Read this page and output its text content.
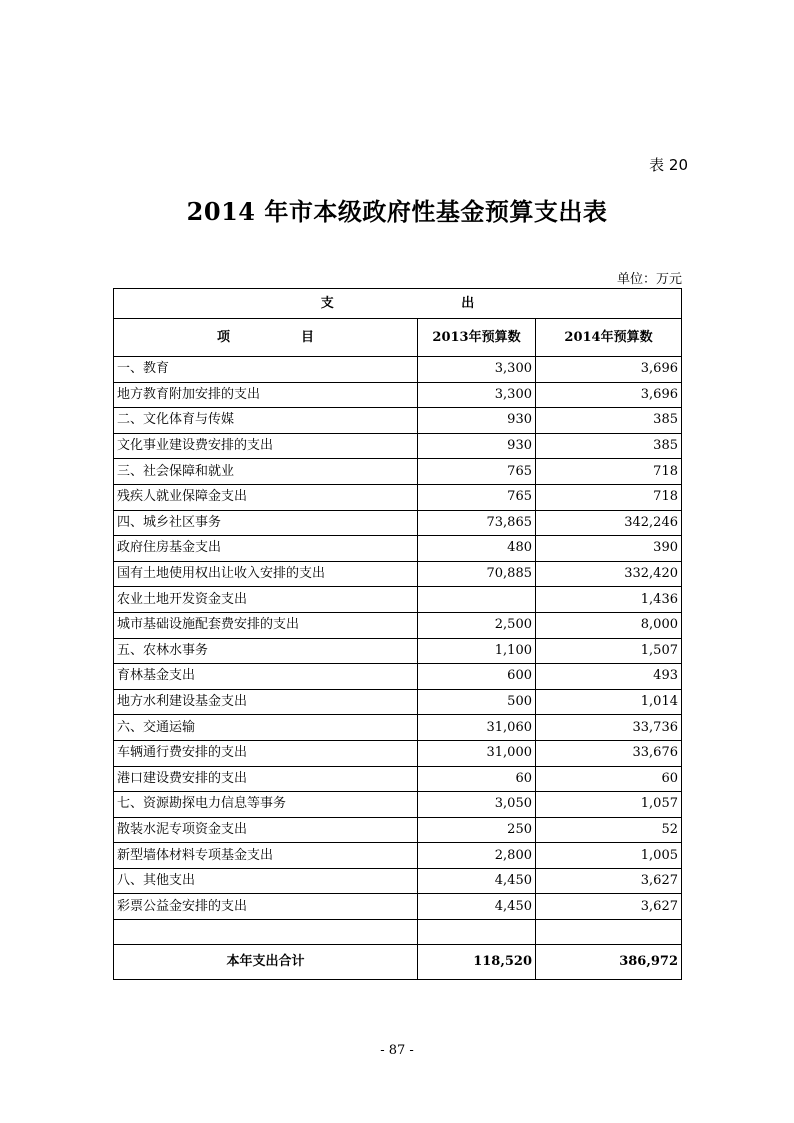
表 20
2014 年市本级政府性基金预算支出表
单位：万元
支 出		

项 目	2013年预算数	2014年预算数
一、教育	3,300	3,696
地方教育附加安排的支出	3,300	3,696
二、文化体育与传媒	930	385
文化事业建设费安排的支出	930	385
三、社会保障和就业	765	718
残疾人就业保障金支出	765	718
四、城乡社区事务	73,865	342,246
政府住房基金支出	480	390
国有土地使用权出让收入安排的支出	70,885	332,420
农业土地开发资金支出		1,436
城市基础设施配套费安排的支出	2,500	8,000
五、农林水事务	1,100	1,507
育林基金支出	600	493
地方水利建设基金支出	500	1,014
六、交通运输	31,060	33,736
车辆通行费安排的支出	31,000	33,676
港口建设费安排的支出	60	60
七、资源勘探电力信息等事务	3,050	1,057
散装水泥专项资金支出	250	52
新型墙体材料专项基金支出	2,800	1,005
八、其他支出	4,450	3,627
彩票公益金安排的支出	4,450	3,627

本年支出合计	118,520	386,972
- 87 -
